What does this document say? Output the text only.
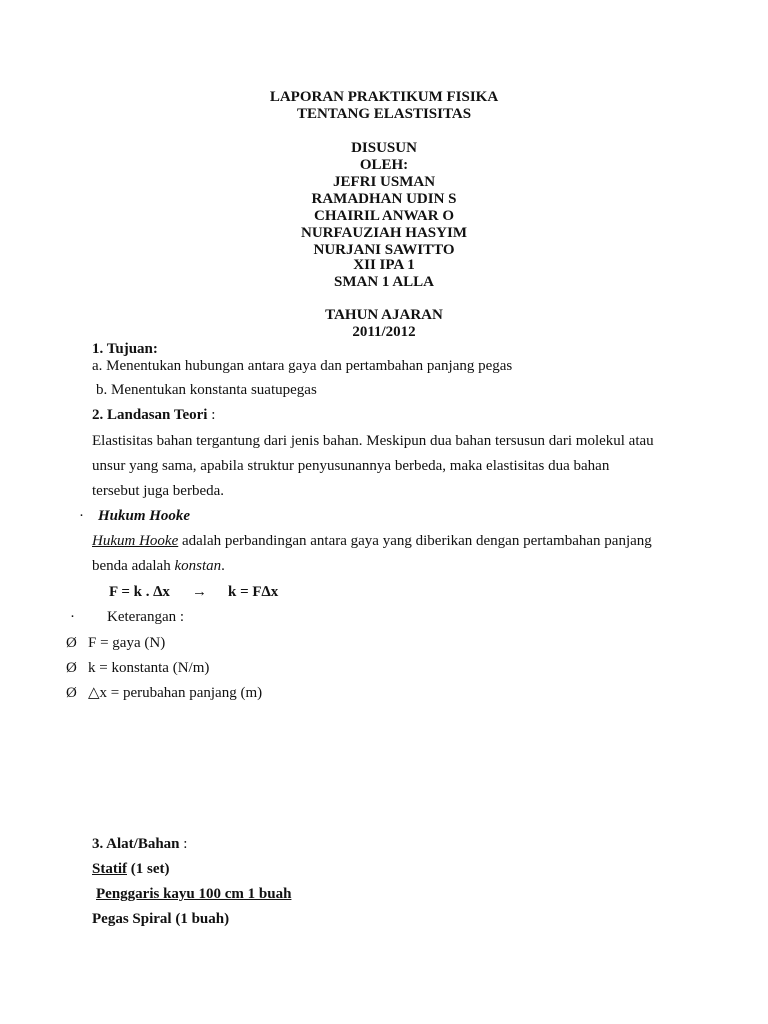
LAPORAN PRAKTIKUM FISIKA
TENTANG ELASTISITAS
DISUSUN
OLEH:
JEFRI USMAN
RAMADHAN UDIN S
CHAIRIL ANWAR O
NURFAUZIAH HASYIM
NURJANI SAWITTO
XII IPA 1
SMAN 1 ALLA
TAHUN AJARAN
2011/2012
1. Tujuan:
a. Menentukan hubungan antara gaya dan pertambahan panjang pegas
b. Menentukan konstanta suatupegas
2. Landasan Teori :
Elastisitas bahan tergantung dari jenis bahan. Meskipun dua bahan tersusun dari molekul atau
unsur yang sama, apabila struktur penyusunannya berbeda, maka elastisitas dua bahan
tersebut juga berbeda.
· Hukum Hooke
Hukum Hooke adalah perbandingan antara gaya yang diberikan dengan pertambahan panjang
benda adalah konstan.
F = k . ∆x → k = F∆x
· Keterangan :
Ø F = gaya (N)
Ø k = konstanta (N/m)
Ø △x = perubahan panjang (m)
3. Alat/Bahan :
Statif (1 set)
Penggaris kayu 100 cm 1 buah
Pegas Spiral (1 buah)
